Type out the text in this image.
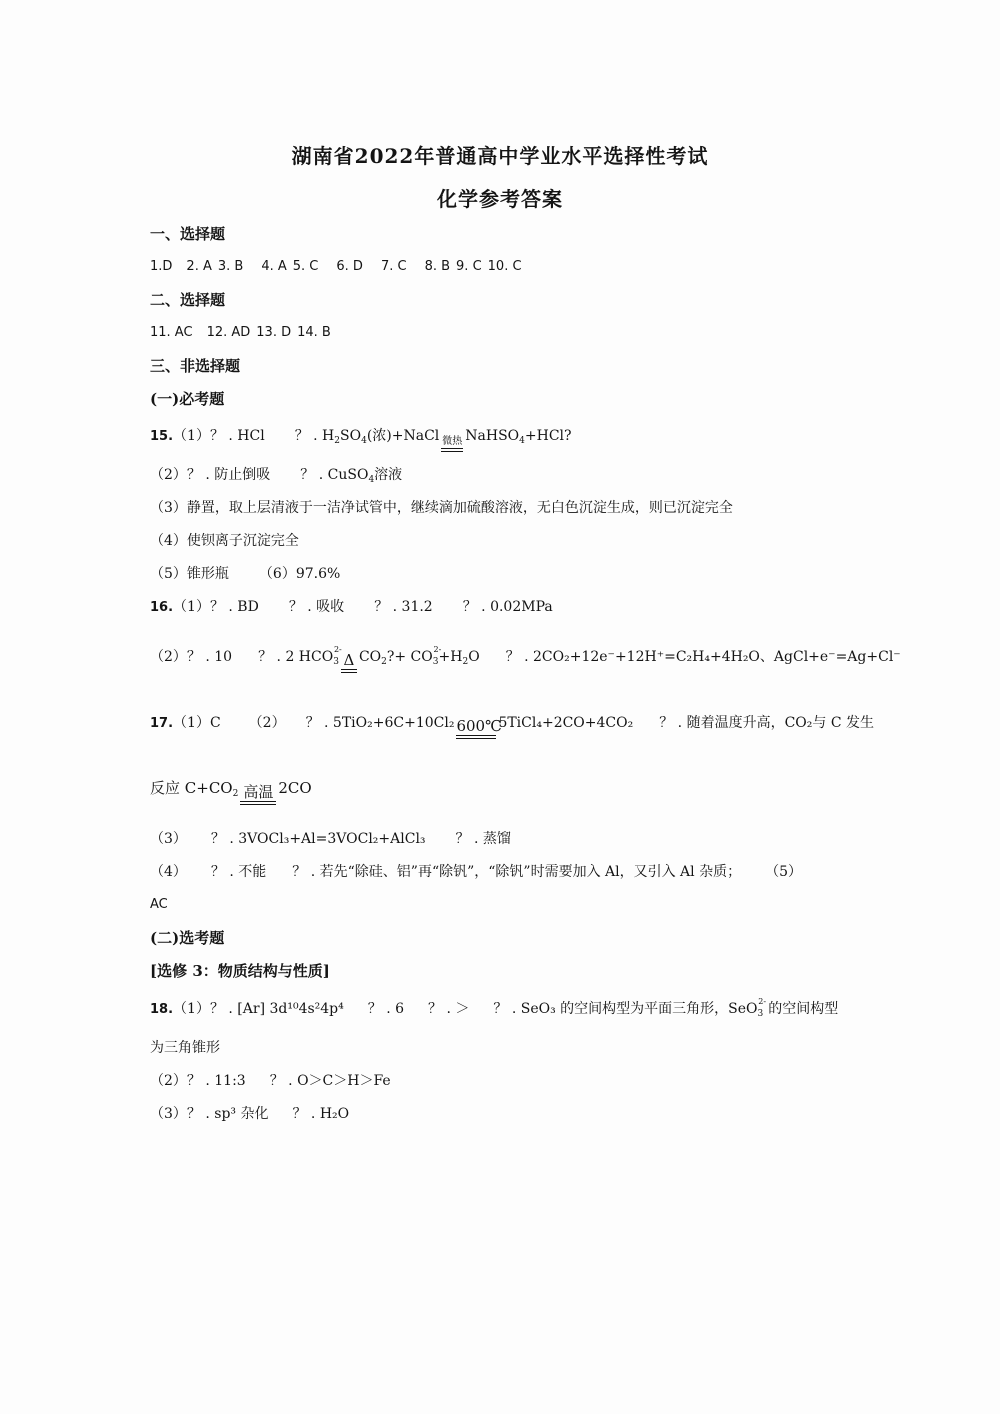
湖南省2022年普通高中学业水平选择性考试
化学参考答案
一、选择题
1.D 2. A 3. B 4. A 5. C 6. D 7. C 8. B 9. C 10. C
二、选择题
11. AC 12. AD 13. D 14. B
三、非选择题
(一)必考题
15.（1）？ . HCl ？ . $H_2SO_4$(浓)+NaCl 微热 NaHSO$_4$+HCl?
（2）？ . 防止倒吸 ？ . CuSO$_4$溶液
（3）静置，取上层清液于一洁净试管中，继续滴加硫酸溶液，无白色沉淀生成，则已沉淀完全
（4）使钡离子沉淀完全
（5）锥形瓶 （6）97.6%
16.（1）？ . BD ？ . 吸收 ？ . 31.2 ？ . 0.02MPa
（2）？ . 10 ？ . 2 $HCO_3$
2-
Δ $CO_2?+ CO_3$
2-
$+H_2O$ ？ . 2CO₂+12e⁻+12H⁺=C₂H₄+4H₂O、AgCl+e⁻=Ag+Cl⁻
17.（1）C （2） ？ . 5TiO₂+6C+10Cl₂ 600℃
5TiCl₄+2CO+4CO₂ ？ . 随着温度升高，CO₂与 C 发生
反应 $C+CO_2$ 高温 2CO
（3） ？ . 3VOCl₃+Al=3VOCl₂+AlCl₃ ？ . 蒸馏
（4） ？ . 不能 ？ . 若先“除硅、铝”再“除钒”，“除钒”时需要加入 Al，又引入 Al 杂质； （5）
AC
(二)选考题
[选修 3：物质结构与性质]
18.（1）？ . [Ar] 3d¹⁰4s²4p⁴ ？ . 6 ？ . ＞ ？ . SeO₃ 的空间构型为平面三角形，SeO$_3$
2- 的空间构型
为三角锥形
（2）？ . 11:3 ？ . O＞C＞H＞Fe
（3）？ . sp³ 杂化 ？ . H₂O
